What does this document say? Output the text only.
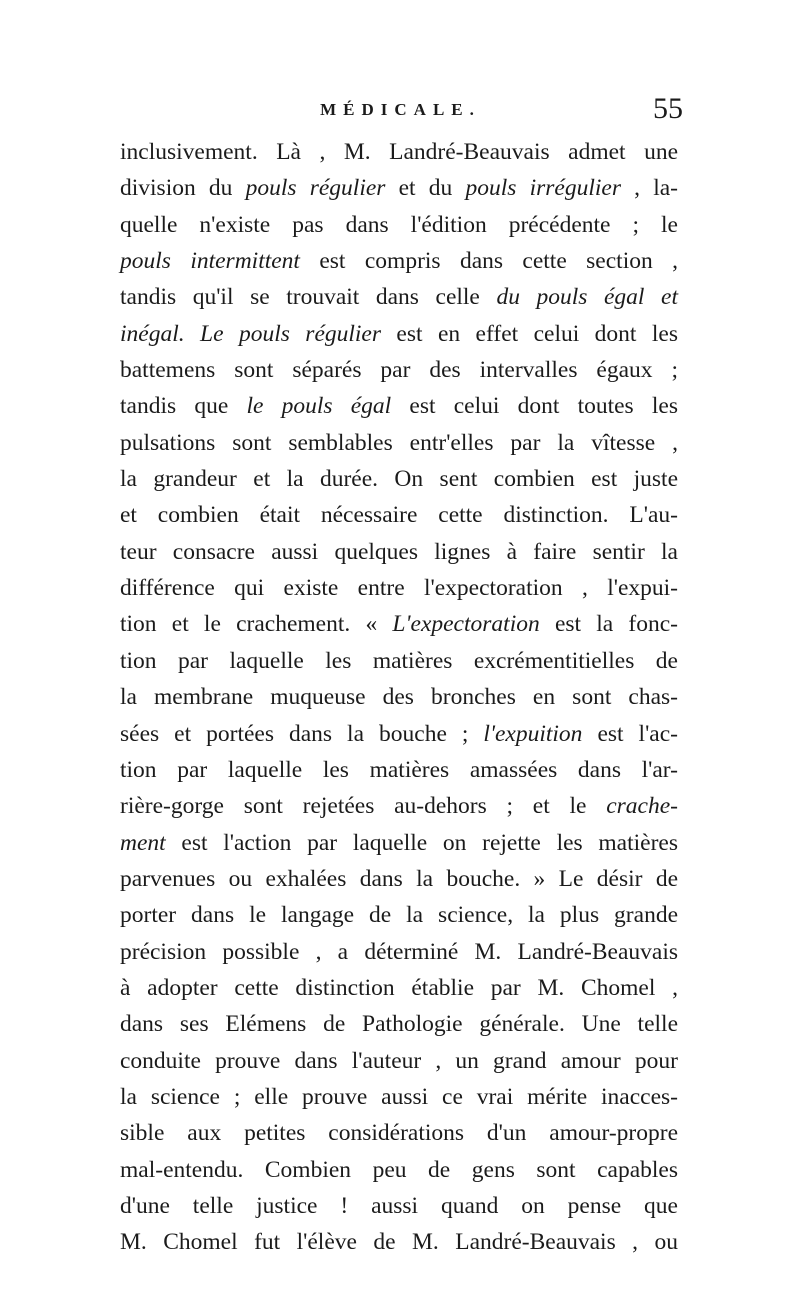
MÉDICALE.	55
inclusivement. Là , M. Landré-Beauvais admet une
division du pouls régulier et du pouls irrégulier , la-
quelle n'existe pas dans l'édition précédente ; le
pouls intermittent est compris dans cette section ,
tandis qu'il se trouvait dans celle du pouls égal et
inégal. Le pouls régulier est en effet celui dont les
battemens sont séparés par des intervalles égaux ;
tandis que le pouls égal est celui dont toutes les
pulsations sont semblables entr'elles par la vîtesse ,
la grandeur et la durée. On sent combien est juste
et combien était nécessaire cette distinction. L'au-
teur consacre aussi quelques lignes à faire sentir la
différence qui existe entre l'expectoration , l'expui-
tion et le crachement. « L'expectoration est la fonc-
tion par laquelle les matières excrémentitielles de
la membrane muqueuse des bronches en sont chas-
sées et portées dans la bouche ; l'expuition est l'ac-
tion par laquelle les matières amassées dans l'ar-
rière-gorge sont rejetées au-dehors ; et le crache-
ment est l'action par laquelle on rejette les matières
parvenues ou exhalées dans la bouche. » Le désir de
porter dans le langage de la science, la plus grande
précision possible , a déterminé M. Landré-Beauvais
à adopter cette distinction établie par M. Chomel ,
dans ses Elémens de Pathologie générale. Une telle
conduite prouve dans l'auteur , un grand amour pour
la science ; elle prouve aussi ce vrai mérite inacces-
sible aux petites considérations d'un amour-propre
mal-entendu. Combien peu de gens sont capables
d'une telle justice ! aussi quand on pense que
M. Chomel fut l'élève de M. Landré-Beauvais , ou
